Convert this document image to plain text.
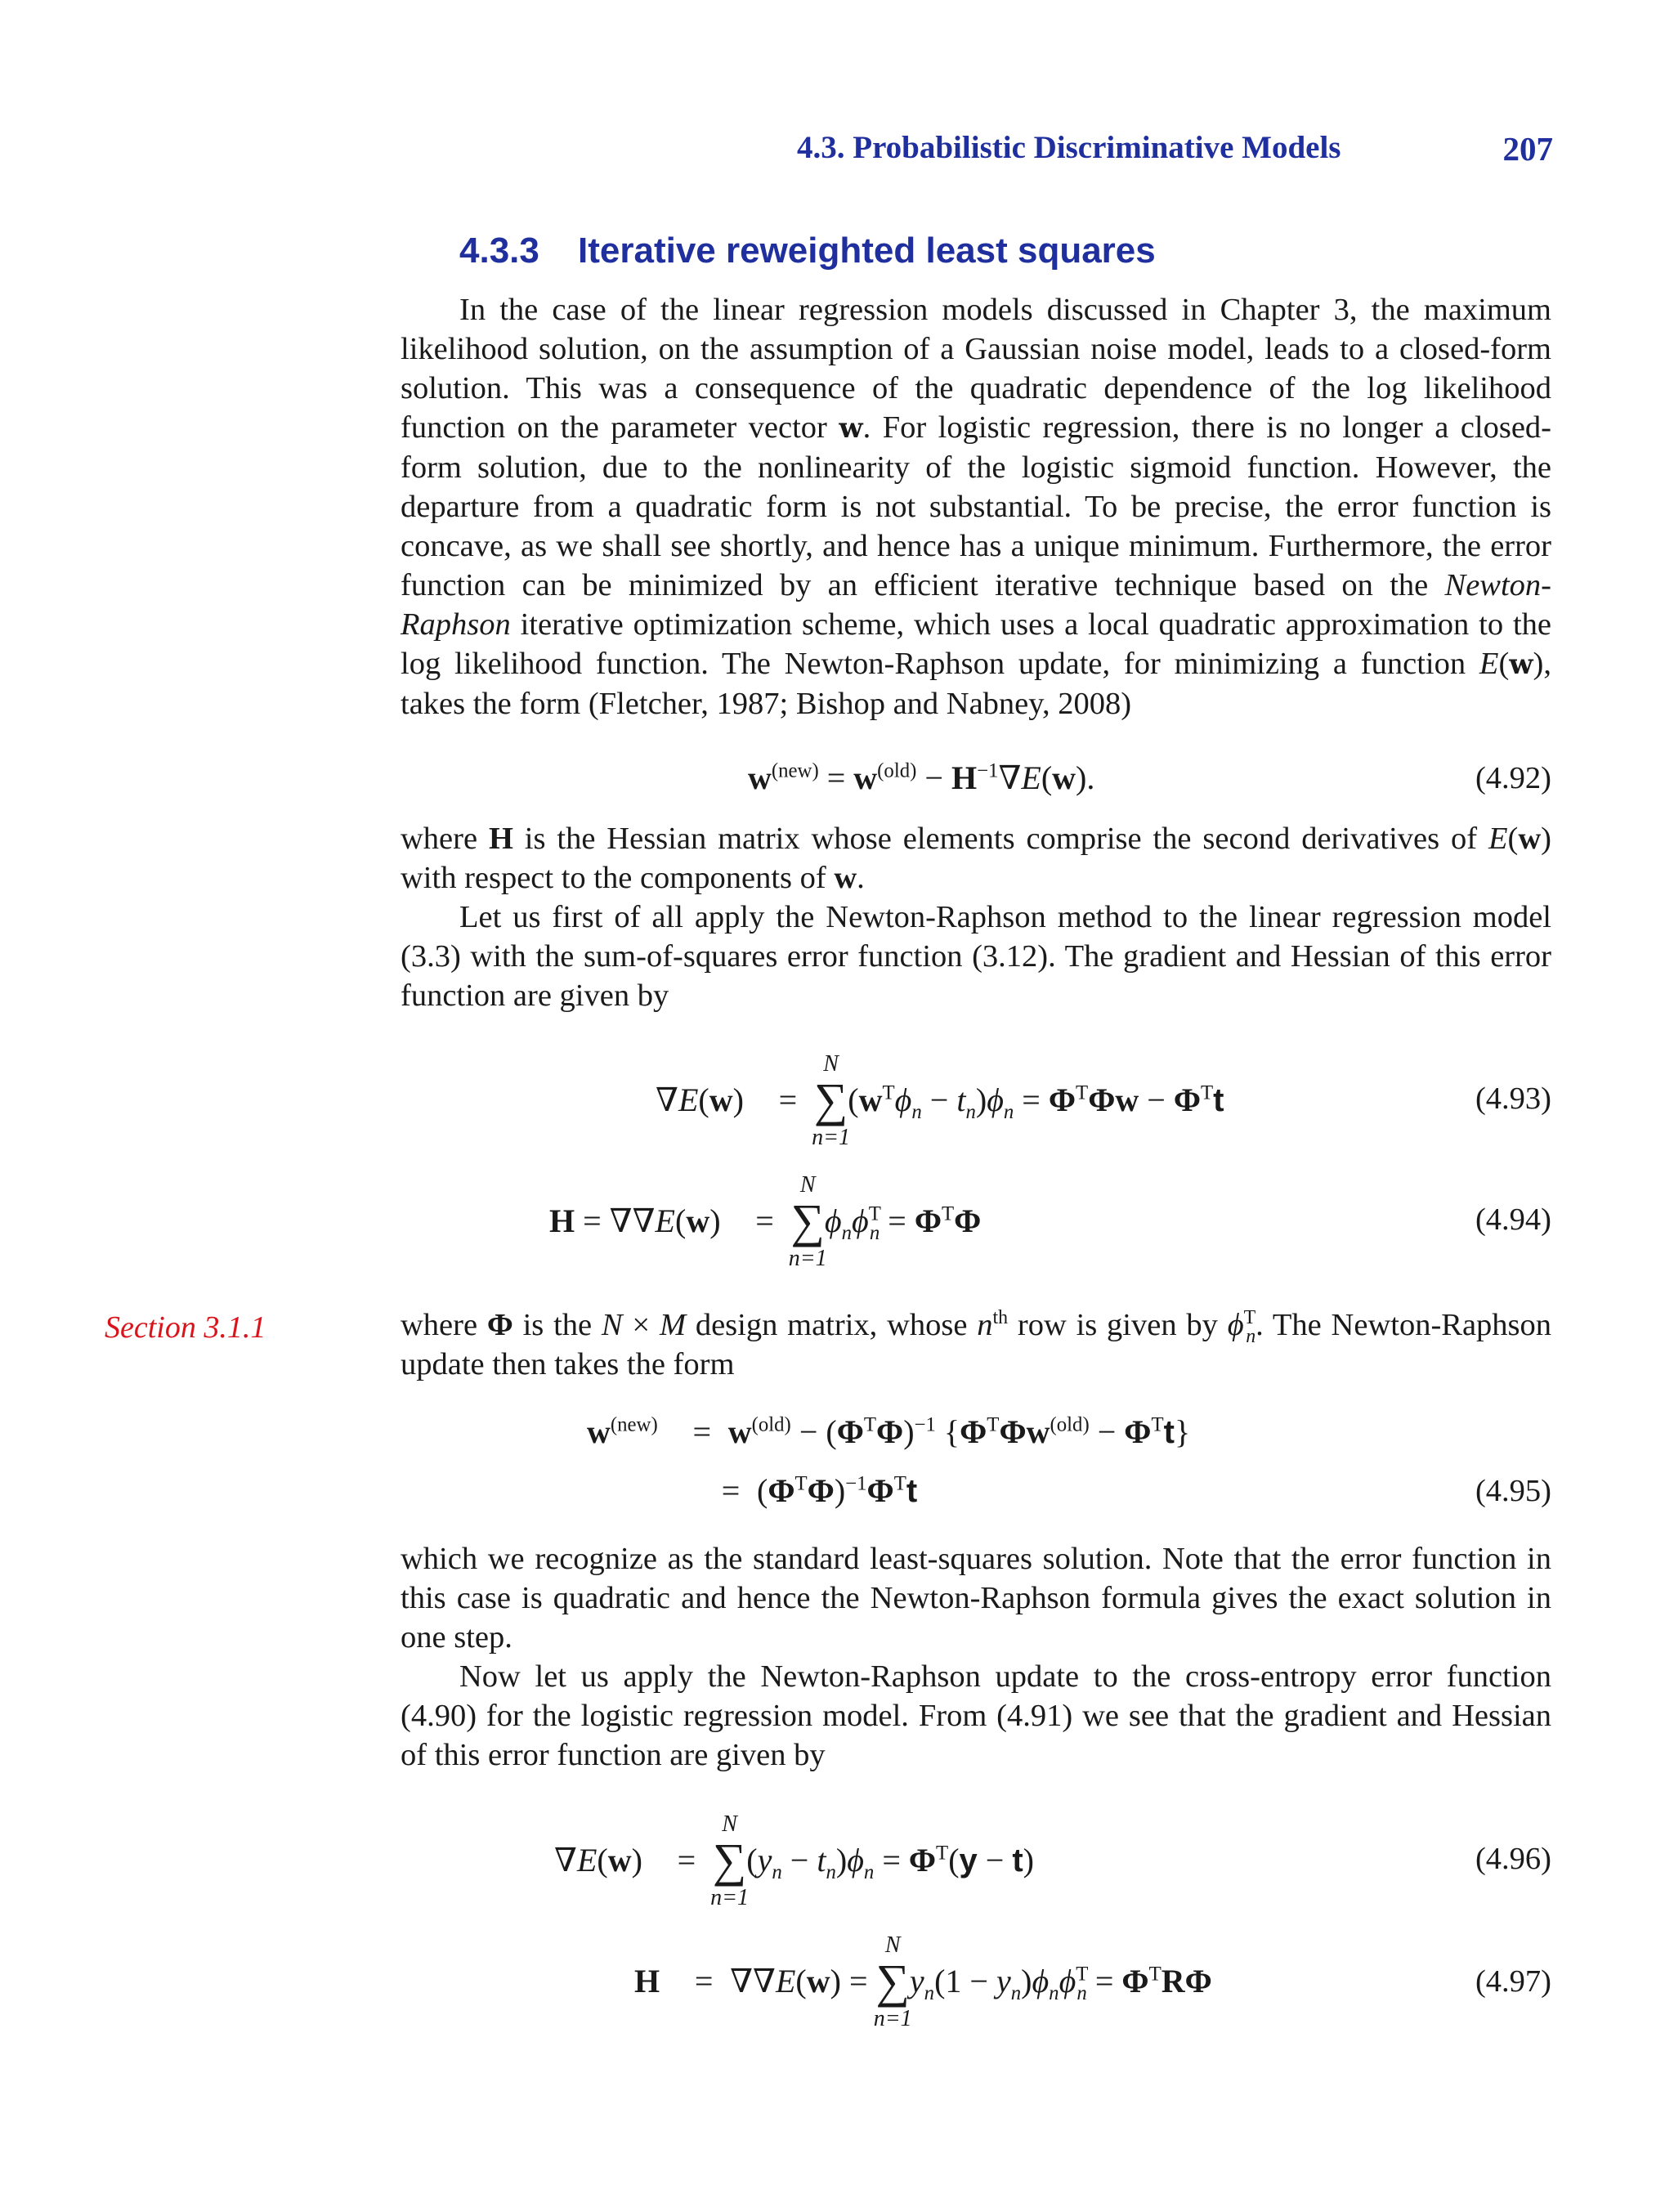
4.3. Probabilistic Discriminative Models	207
4.3.3 Iterative reweighted least squares

In the case of the linear regression models discussed in Chapter 3, the maximum likelihood solution, on the assumption of a Gaussian noise model, leads to a closed-form solution. This was a consequence of the quadratic dependence of the log likelihood function on the parameter vector w. For logistic regression, there is no longer a closed-form solution, due to the nonlinearity of the logistic sigmoid function. However, the departure from a quadratic form is not substantial. To be precise, the error function is concave, as we shall see shortly, and hence has a unique minimum. Furthermore, the error function can be minimized by an efficient iterative technique based on the Newton-Raphson iterative optimization scheme, which uses a local quadratic approximation to the log likelihood function. The Newton-Raphson update, for minimizing a function E(w), takes the form (Fletcher, 1987; Bishop and Nabney, 2008)

$w^{(new)} = w^{(old)} - H^{-1}\nabla E(w)$.	(4.92)

where H is the Hessian matrix whose elements comprise the second derivatives of E(w) with respect to the components of w.

Let us first of all apply the Newton-Raphson method to the linear regression model (3.3) with the sum-of-squares error function (3.12). The gradient and Hessian of this error function are given by

∇E(w) = ∑
N
n=1
$(w^T\phi_n - t_n)\phi_n = \Phi^T\Phi w - \Phi^Tt$	(4.93)
H = ∇∇E(w) = ∑
N
n=1
$\phi_n\phi^T_n = \Phi^T\Phi$	(4.94)
Section 3.1.1	where Φ is the N × M design matrix, whose $n^{th}$ row is given by $\phi^T_n$. The Newton-Raphson update then takes the form

$w^{(new)} = w^{(old)} - (\Phi^T\Phi)^{-1}$ $\{\Phi^T\Phi w^{(old)} - \Phi^Tt\}$
= $(\Phi^T\Phi)^{-1}\Phi^Tt$	(4.95)

which we recognize as the standard least-squares solution. Note that the error function in this case is quadratic and hence the Newton-Raphson formula gives the exact solution in one step.

Now let us apply the Newton-Raphson update to the cross-entropy error function (4.90) for the logistic regression model. From (4.91) we see that the gradient and Hessian of this error function are given by

∇E(w) = ∑
N
n=1
$(y_n - t_n)\phi_n = \Phi^T(y - t)$	(4.96)
H = ∇∇E(w) = ∑
N
n=1
$y_n(1 - y_n)\phi_n\phi^T_n = \Phi^TR\Phi$	(4.97)
